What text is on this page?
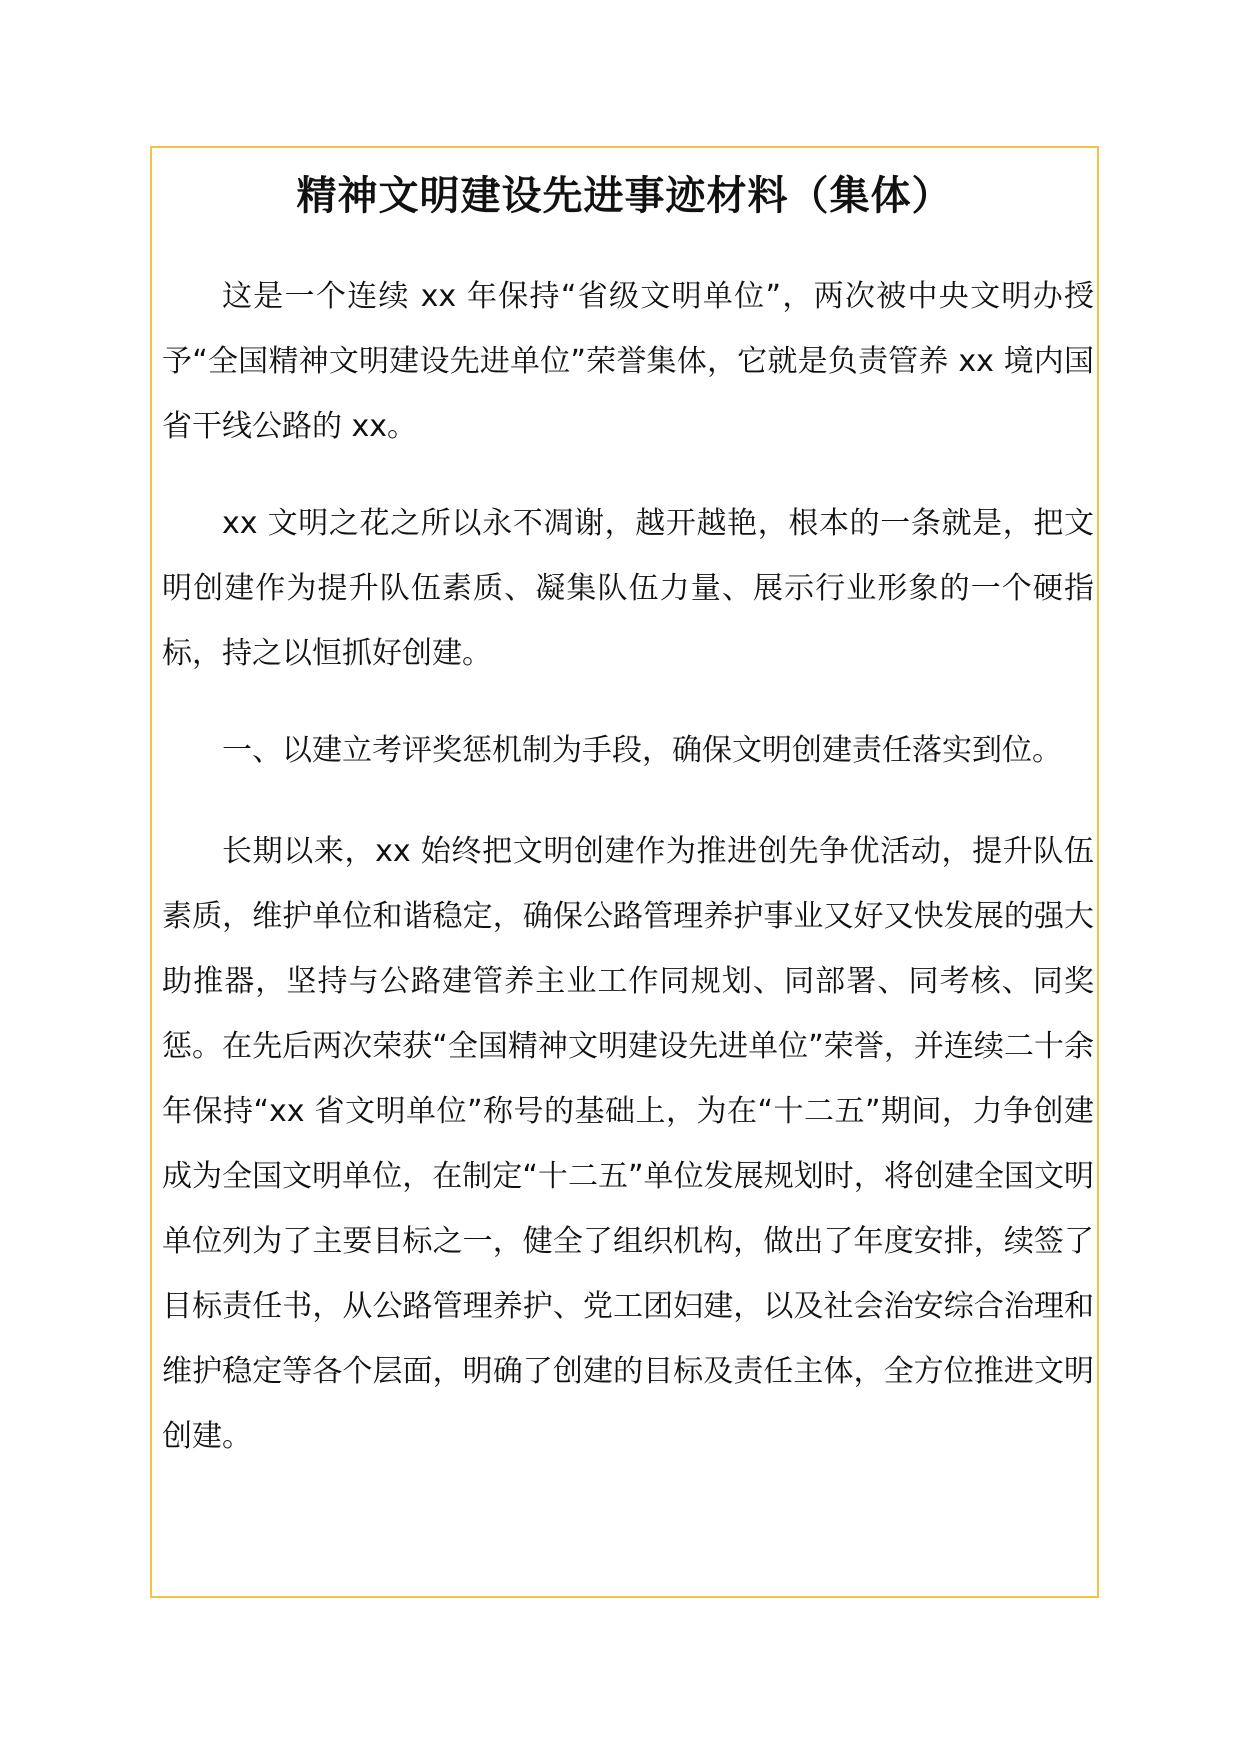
精神文明建设先进事迹材料（集体）

这是一个连续 xx 年保持“省级文明单位”，两次被中央文明办授予“全国精神文明建设先进单位”荣誉集体，它就是负责管养 xx 境内国省干线公路的 xx。

xx 文明之花之所以永不凋谢，越开越艳，根本的一条就是，把文明创建作为提升队伍素质、凝集队伍力量、展示行业形象的一个硬指标，持之以恒抓好创建。

一、以建立考评奖惩机制为手段，确保文明创建责任落实到位。

长期以来，xx 始终把文明创建作为推进创先争优活动，提升队伍素质，维护单位和谐稳定，确保公路管理养护事业又好又快发展的强大助推器，坚持与公路建管养主业工作同规划、同部署、同考核、同奖惩。在先后两次荣获“全国精神文明建设先进单位”荣誉，并连续二十余年保持“xx 省文明单位”称号的基础上，为在“十二五”期间，力争创建成为全国文明单位，在制定“十二五”单位发展规划时，将创建全国文明单位列为了主要目标之一，健全了组织机构，做出了年度安排，续签了目标责任书，从公路管理养护、党工团妇建，以及社会治安综合治理和维护稳定等各个层面，明确了创建的目标及责任主体，全方位推进文明创建。
